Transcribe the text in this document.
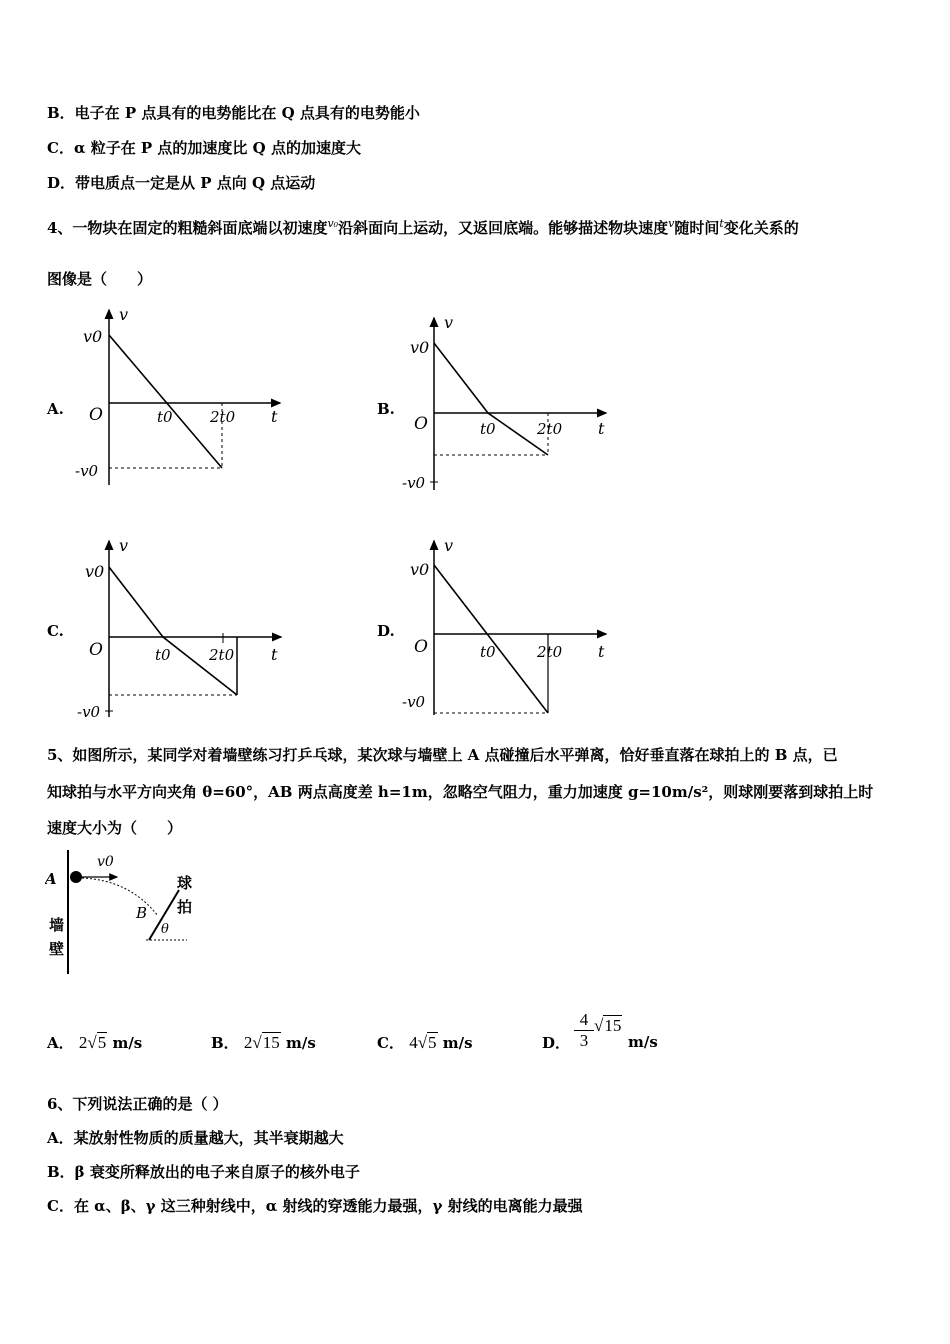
B．电子在 P 点具有的电势能比在 Q 点具有的电势能小
C．α 粒子在 P 点的加速度比 Q 点的加速度大
D．带电质点一定是从 P 点向 Q 点运动
4、一物块在固定的粗糙斜面底端以初速度$^{v_0}$沿斜面向上运动，又返回底端。能够描述物块速度$^v$随时间$^t$变化关系的
图像是（　　）
A.	B.
C.	D.
v
v0
-v0
O	t0 2t0 t
v
v0
-v0
O	t0	2t0 t
v
v0
-v0
O	t0	2t0 t
v
v0
-v0
O	t0	2t0 t
5、如图所示，某同学对着墙壁练习打乒乓球，某次球与墙壁上 A 点碰撞后水平弹离，恰好垂直落在球拍上的 B 点，已
知球拍与水平方向夹角 θ=60°，AB 两点高度差 h=1m，忽略空气阻力，重力加速度 g=10m/s²，则球刚要落到球拍上时
速度大小为（　　）
A
v0
B
θ
墙
壁
球
拍
A． 2√5 m/s	B． 2√15 m/s	C． 4√5 m/s	D． $\frac{4}{3} √15$
m/s
6、下列说法正确的是（ ）
A．某放射性物质的质量越大，其半衰期越大
B．β 衰变所释放出的电子来自原子的核外电子
C．在 α、β、γ 这三种射线中，α 射线的穿透能力最强，γ 射线的电离能力最强
